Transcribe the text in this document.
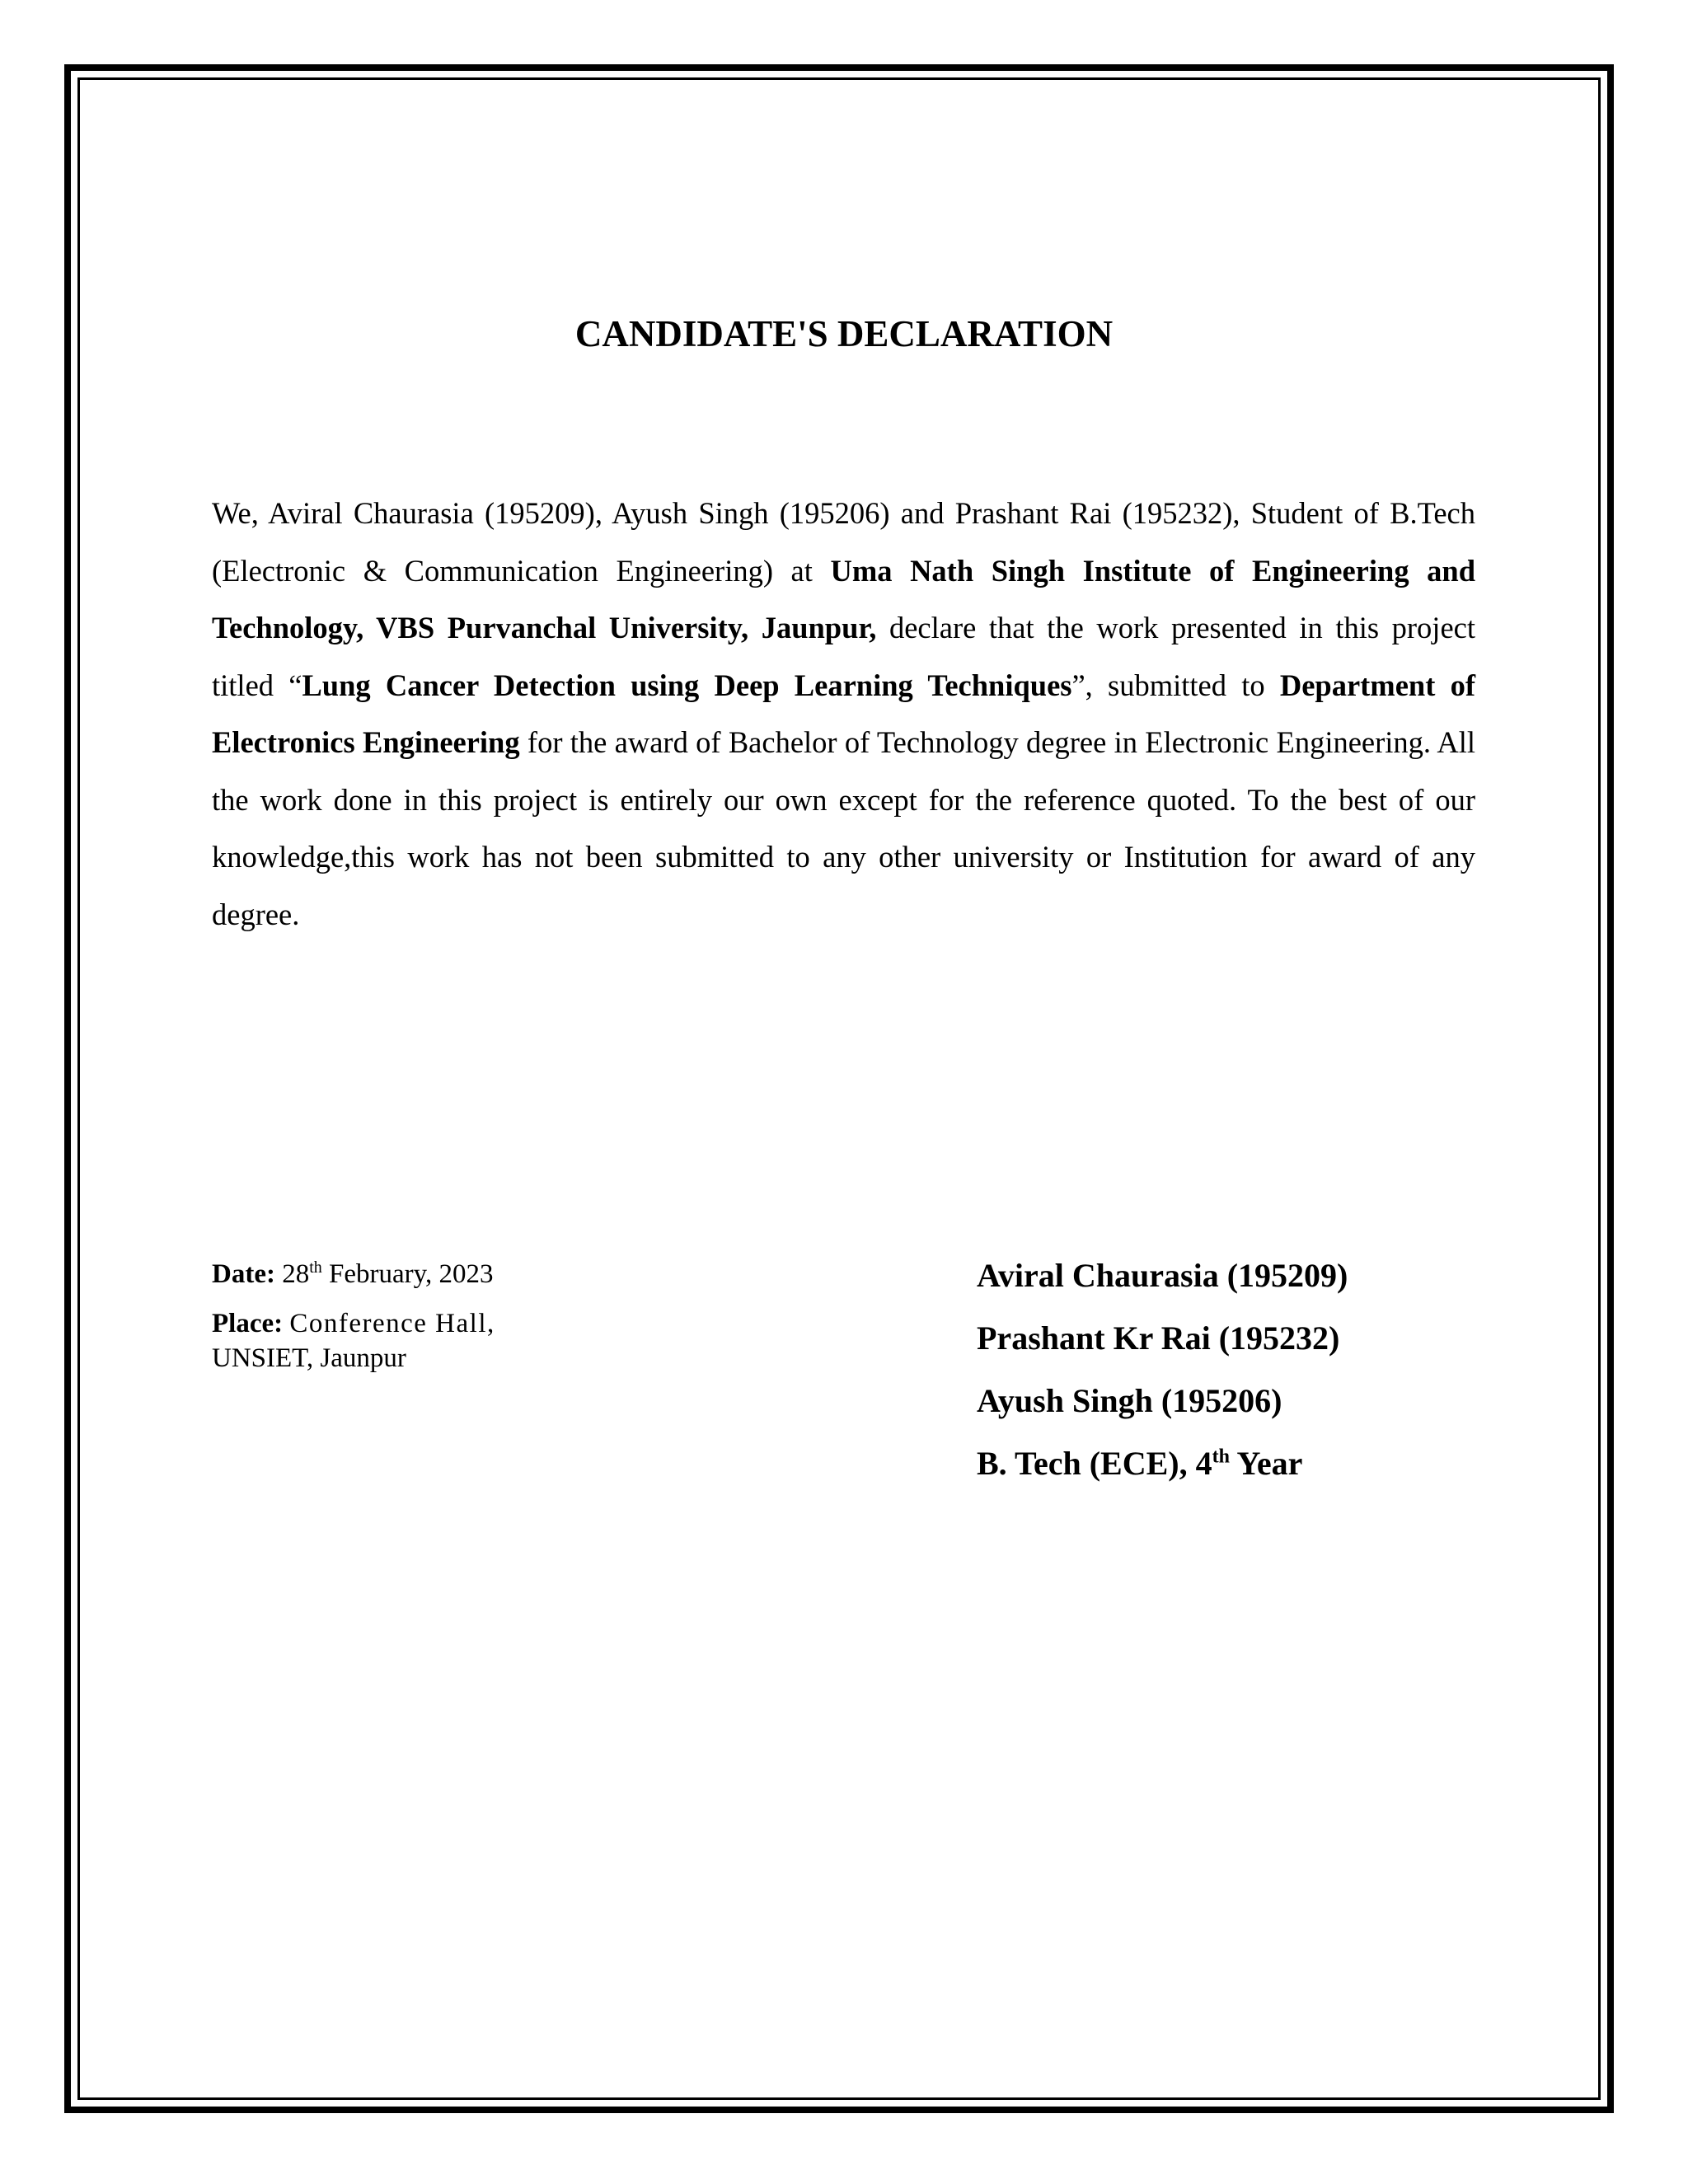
CANDIDATE'S DECLARATION

We, Aviral Chaurasia (195209), Ayush Singh (195206) and Prashant Rai (195232), Student of B.Tech (Electronic & Communication Engineering) at Uma Nath Singh Institute of Engineering and Technology, VBS Purvanchal University, Jaunpur, declare that the work presented in this project titled “Lung Cancer Detection using Deep Learning Techniques”, submitted to Department of Electronics Engineering for the award of Bachelor of Technology degree in Electronic Engineering. All the work done in this project is entirely our own except for the reference quoted. To the best of our knowledge,this work has not been submitted to any other university or Institution for award of any degree.

Date: 28th February, 2023

Place: Conference Hall,

UNSIET, Jaunpur

Aviral Chaurasia (195209)

Prashant Kr Rai (195232)

Ayush Singh (195206)

B. Tech (ECE), 4th Year
